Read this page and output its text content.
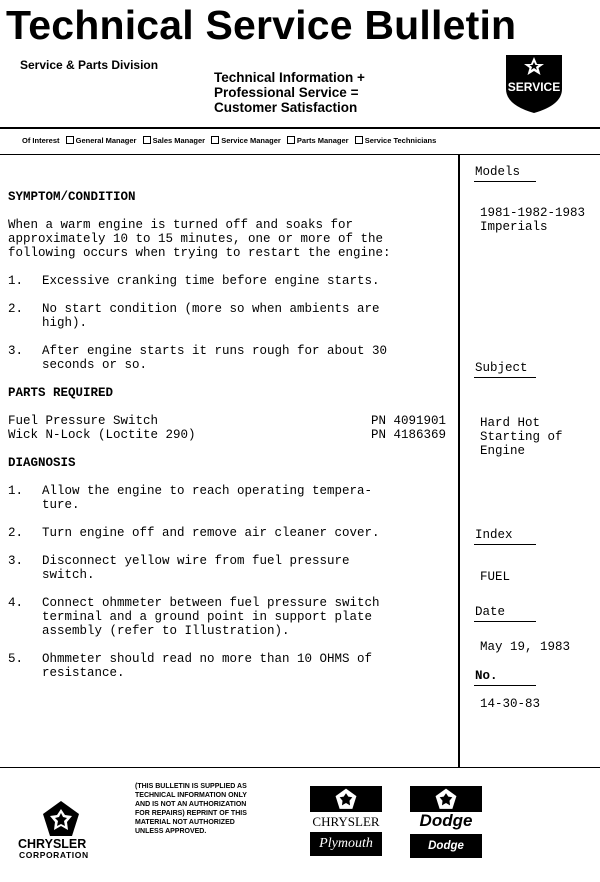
Technical Service Bulletin
Service & Parts Division
Technical Information +
Professional Service =
Customer Satisfaction
SERVICE
Of Interest General Manager Sales Manager Service Manager Parts Manager Service Technicians

SYMPTOM/CONDITION

When a warm engine is turned off and soaks for

approximately 10 to 15 minutes, one or more of the

following occurs when trying to restart the engine:

1.	Excessive cranking time before engine starts.

2.	No start condition (more so when ambients are

high).

3.	After engine starts it runs rough for about 30

seconds or so.

PARTS REQUIRED

Fuel Pressure Switch	PN 4091901
Wick N-Lock (Loctite 290)	PN 4186369

DIAGNOSIS

1.	Allow the engine to reach operating tempera-

ture.

2.	Turn engine off and remove air cleaner cover.

3.	Disconnect yellow wire from fuel pressure

switch.

4.	Connect ohmmeter between fuel pressure switch

terminal and a ground point in support plate

assembly (refer to Illustration).

5.	Ohmmeter should read no more than 10 OHMS of

resistance.

Models
1981-1982-1983
Imperials
Subject
Hard Hot
Starting of
Engine
Index
FUEL
Date
May 19, 1983
No.
14-30-83
CHRYSLER
CORPORATION
(THIS BULLETIN IS SUPPLIED AS
TECHNICAL INFORMATION ONLY
AND IS NOT AN AUTHORIZATION
FOR REPAIRS) REPRINT OF THIS
MATERIAL NOT AUTHORIZED
UNLESS APPROVED.
CHRYSLER
Plymouth
Dodge
Dodge Trucks
